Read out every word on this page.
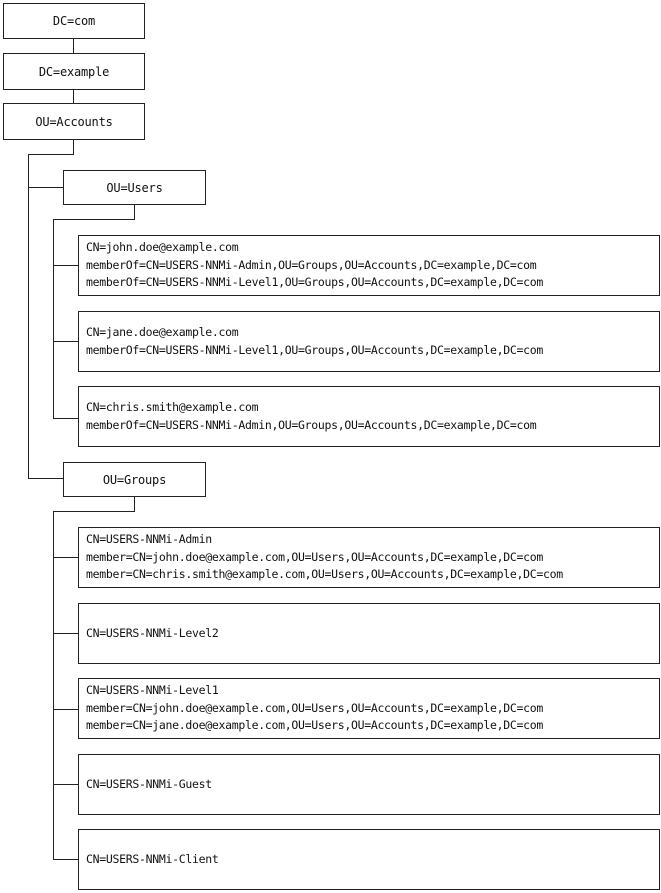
DC=com
DC=example
OU=Accounts
OU=Users
CN=john.doe@example.com
memberOf=CN=USERS-NNMi-Admin,OU=Groups,OU=Accounts,DC=example,DC=com
memberOf=CN=USERS-NNMi-Level1,OU=Groups,OU=Accounts,DC=example,DC=com
CN=jane.doe@example.com
memberOf=CN=USERS-NNMi-Level1,OU=Groups,OU=Accounts,DC=example,DC=com
CN=chris.smith@example.com
memberOf=CN=USERS-NNMi-Admin,OU=Groups,OU=Accounts,DC=example,DC=com
OU=Groups
CN=USERS-NNMi-Admin
member=CN=john.doe@example.com,OU=Users,OU=Accounts,DC=example,DC=com
member=CN=chris.smith@example.com,OU=Users,OU=Accounts,DC=example,DC=com
CN=USERS-NNMi-Level2
CN=USERS-NNMi-Level1
member=CN=john.doe@example.com,OU=Users,OU=Accounts,DC=example,DC=com
member=CN=jane.doe@example.com,OU=Users,OU=Accounts,DC=example,DC=com
CN=USERS-NNMi-Guest
CN=USERS-NNMi-Client
